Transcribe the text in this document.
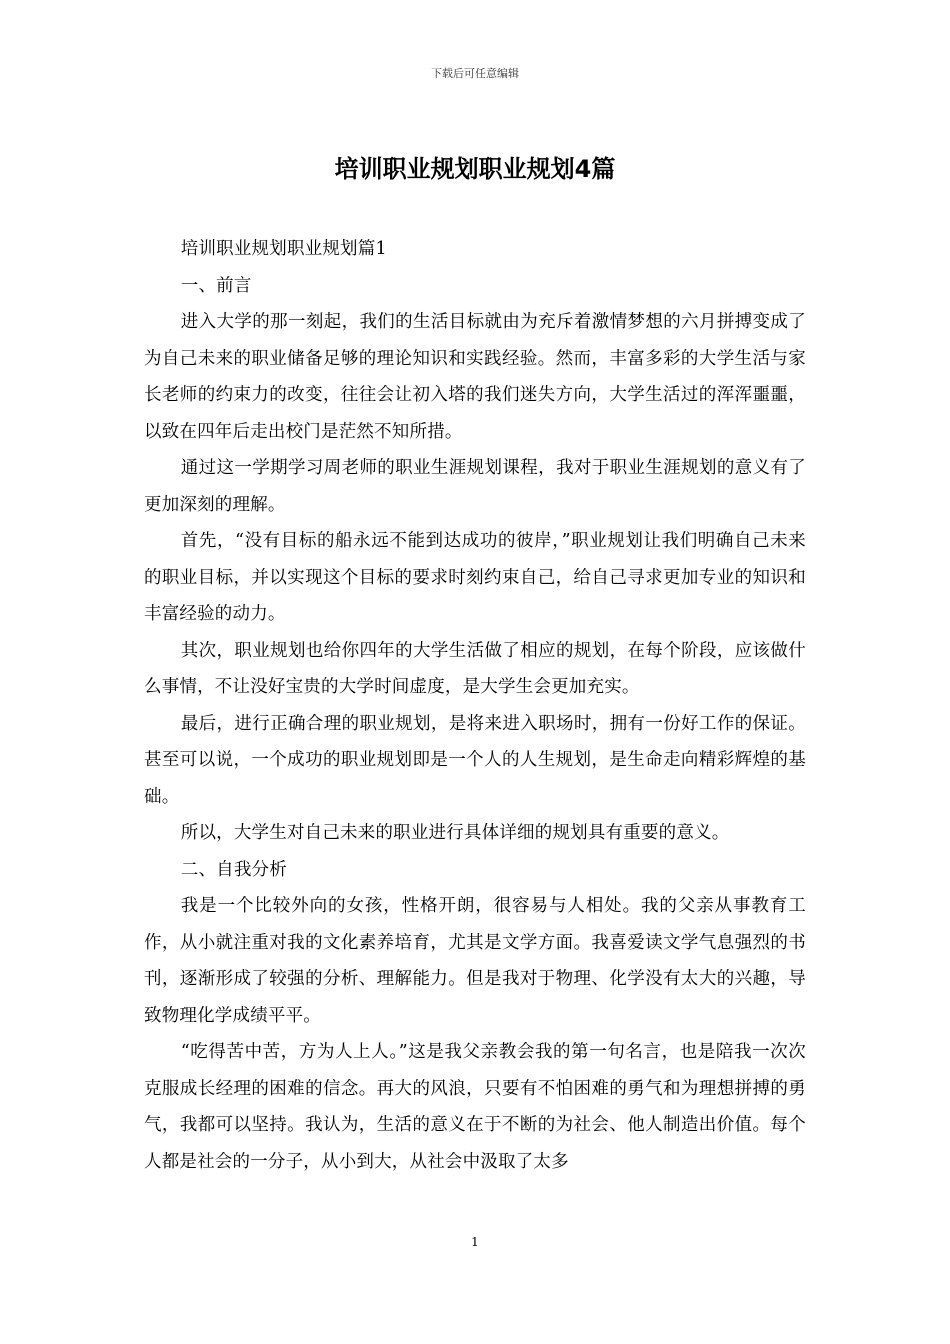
下载后可任意编辑
培训职业规划职业规划4篇

培训职业规划职业规划篇1

一、前言

进入大学的那一刻起，我们的生活目标就由为充斥着激情梦想的六月拼搏变成了为自己未来的职业储备足够的理论知识和实践经验。然而，丰富多彩的大学生活与家长老师的约束力的改变，往往会让初入塔的我们迷失方向，大学生活过的浑浑噩噩，以致在四年后走出校门是茫然不知所措。

通过这一学期学习周老师的职业生涯规划课程，我对于职业生涯规划的意义有了更加深刻的理解。

首先，“没有目标的船永远不能到达成功的彼岸，”职业规划让我们明确自己未来的职业目标，并以实现这个目标的要求时刻约束自己，给自己寻求更加专业的知识和丰富经验的动力。

其次，职业规划也给你四年的大学生活做了相应的规划，在每个阶段，应该做什么事情，不让没好宝贵的大学时间虚度，是大学生会更加充实。

最后，进行正确合理的职业规划，是将来进入职场时，拥有一份好工作的保证。甚至可以说，一个成功的职业规划即是一个人的人生规划，是生命走向精彩辉煌的基础。

所以，大学生对自己未来的职业进行具体详细的规划具有重要的意义。

二、自我分析

我是一个比较外向的女孩，性格开朗，很容易与人相处。我的父亲从事教育工作，从小就注重对我的文化素养培育，尤其是文学方面。我喜爱读文学气息强烈的书刊，逐渐形成了较强的分析、理解能力。但是我对于物理、化学没有太大的兴趣，导致物理化学成绩平平。

“吃得苦中苦，方为人上人。”这是我父亲教会我的第一句名言，也是陪我一次次克服成长经理的困难的信念。再大的风浪，只要有不怕困难的勇气和为理想拼搏的勇气，我都可以坚持。我认为，生活的意义在于不断的为社会、他人制造出价值。每个人都是社会的一分子，从小到大，从社会中汲取了太多

1
